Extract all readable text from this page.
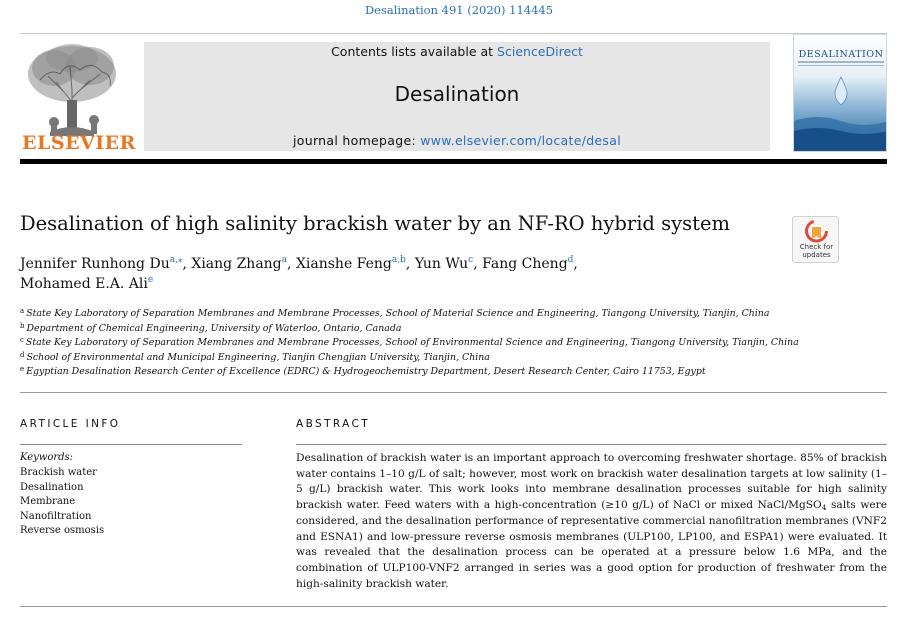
Desalination 491 (2020) 114445
ELSEVIER
Contents lists available at ScienceDirect
Desalination
journal homepage: www.elsevier.com/locate/desal
DESALINATION
Desalination of high salinity brackish water by an NF-RO hybrid system
Check for
updates
Jennifer Runhong $Du^{a,⁎}$, Xiang Zhang$^a$, Xianshe Feng$^{a,b}$, Yun Wu$^c$, Fang Cheng$^d$,
Mohamed E.A. Ali$^e$
$^a$ State Key Laboratory of Separation Membranes and Membrane Processes, School of Material Science and Engineering, Tiangong University, Tianjin, China
$^b$ Department of Chemical Engineering, University of Waterloo, Ontario, Canada
$^c$ State Key Laboratory of Separation Membranes and Membrane Processes, School of Environmental Science and Engineering, Tiangong University, Tianjin, China
$^d$ School of Environmental and Municipal Engineering, Tianjin Chengjian University, Tianjin, China
$^e$ Egyptian Desalination Research Center of Excellence (EDRC) & Hydrogeochemistry Department, Desert Research Center, Cairo 11753, Egypt
ARTICLE INFO
Keywords:
Brackish water
Desalination
Membrane
Nanofiltration
Reverse osmosis
ABSTRACT
Desalination of brackish water is an important approach to overcoming freshwater shortage. 85% of brackish water contains 1–10 g/L of salt; however, most work on brackish water desalination targets at low salinity (1–5 g/L) brackish water. This work looks into membrane desalination processes suitable for high salinity brackish water. Feed waters with a high-concentration (≥10 g/L) of NaCl or mixed NaCl/MgSO$_4$ salts were considered, and the desalination performance of representative commercial nanofiltration membranes (VNF2 and ESNA1) and low-pressure reverse osmosis membranes (ULP100, LP100, and ESPA1) were evaluated. It was revealed that the desalination process can be operated at a pressure below 1.6 MPa, and the combination of ULP100-VNF2 arranged in series was a good option for production of freshwater from the high-salinity brackish water.
